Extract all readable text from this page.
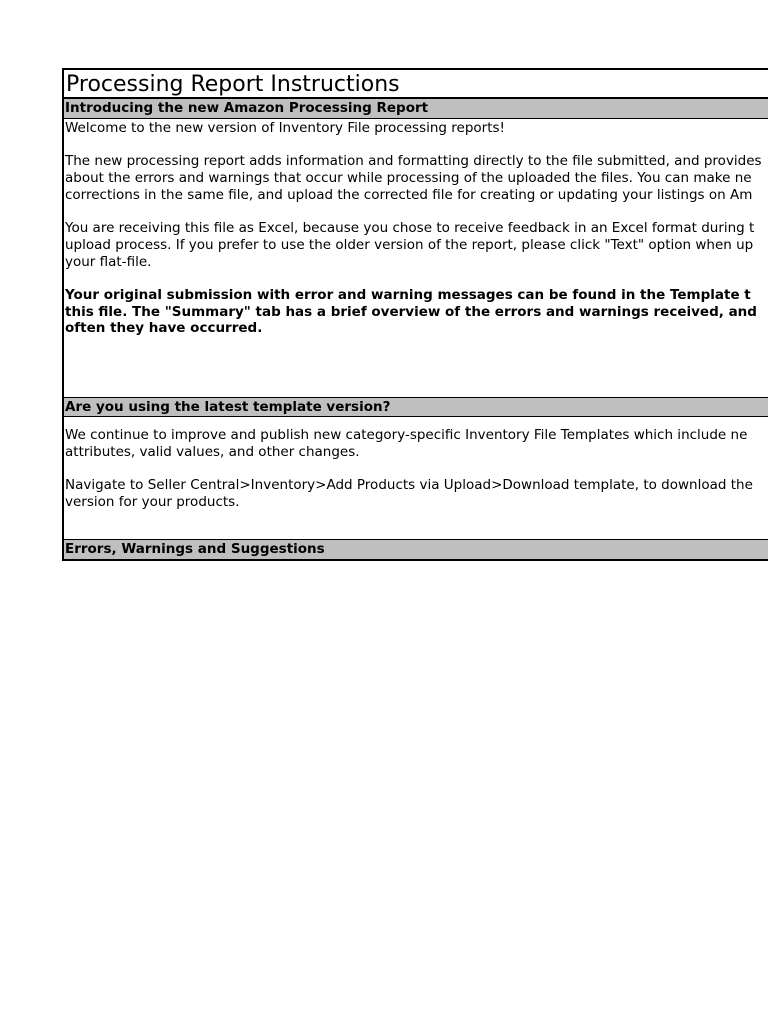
Processing Report Instructions
Introducing the new Amazon Processing Report

Welcome to the new version of Inventory File processing reports!

The new processing report adds information and formatting directly to the file submitted, and provides

about the errors and warnings that occur while processing of the uploaded the files. You can make ne

corrections in the same file, and upload the corrected file for creating or updating your listings on Am

You are receiving this file as Excel, because you chose to receive feedback in an Excel format during t

upload process. If you prefer to use the older version of the report, please click "Text" option when up

your flat-file.

Your original submission with error and warning messages can be found in the Template t

this file. The "Summary" tab has a brief overview of the errors and warnings received, and

often they have occurred.

Are you using the latest template version?

We continue to improve and publish new category-specific Inventory File Templates which include ne

attributes, valid values, and other changes.

Navigate to Seller Central>Inventory>Add Products via Upload>Download template, to download the

version for your products.

Errors, Warnings and Suggestions
